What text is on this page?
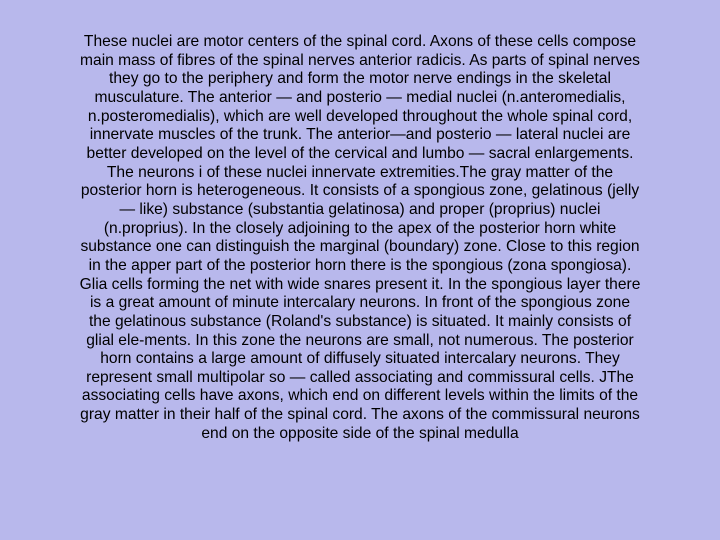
These nuclei are motor centers of the spinal cord. Axons of these cells compose
main mass of fibres of the spinal nerves anterior radicis. As parts of spinal nerves
they go to the periphery and form the motor nerve endings in the skeletal
musculature. The anterior — and posterio — medial nuclei (n.anteromedialis,
n.posteromedialis), which are well developed throughout the whole spinal cord,
innervate muscles of the trunk. The anterior—and posterio — lateral nuclei are
better developed on the level of the cervical and lumbo — sacral enlargements.
The neurons i of these nuclei innervate extremities.The gray matter of the
posterior horn is heterogeneous. It consists of a spongious zone, gelatinous (jelly
— like) substance (substantia gelatinosa) and proper (proprius) nuclei
(n.proprius). In the closely adjoining to the apex of the posterior horn white
substance one can distinguish the marginal (boundary) zone. Close to this region
in the apper part of the posterior horn there is the spongious (zona spongiosa).
Glia cells forming the net with wide snares present it. In the spongious layer there
is a great amount of minute intercalary neurons. In front of the spongious zone
the gelatinous substance (Roland's substance) is situated. It mainly consists of
glial ele-ments. In this zone the neurons are small, not numerous. The posterior
horn contains a large amount of diffusely situated intercalary neurons. They
represent small multipolar so — called associating and commissural cells. JThe
associating cells have axons, which end on different levels within the limits of the
gray matter in their half of the spinal cord. The axons of the commissural neurons
end on the opposite side of the spinal medulla
